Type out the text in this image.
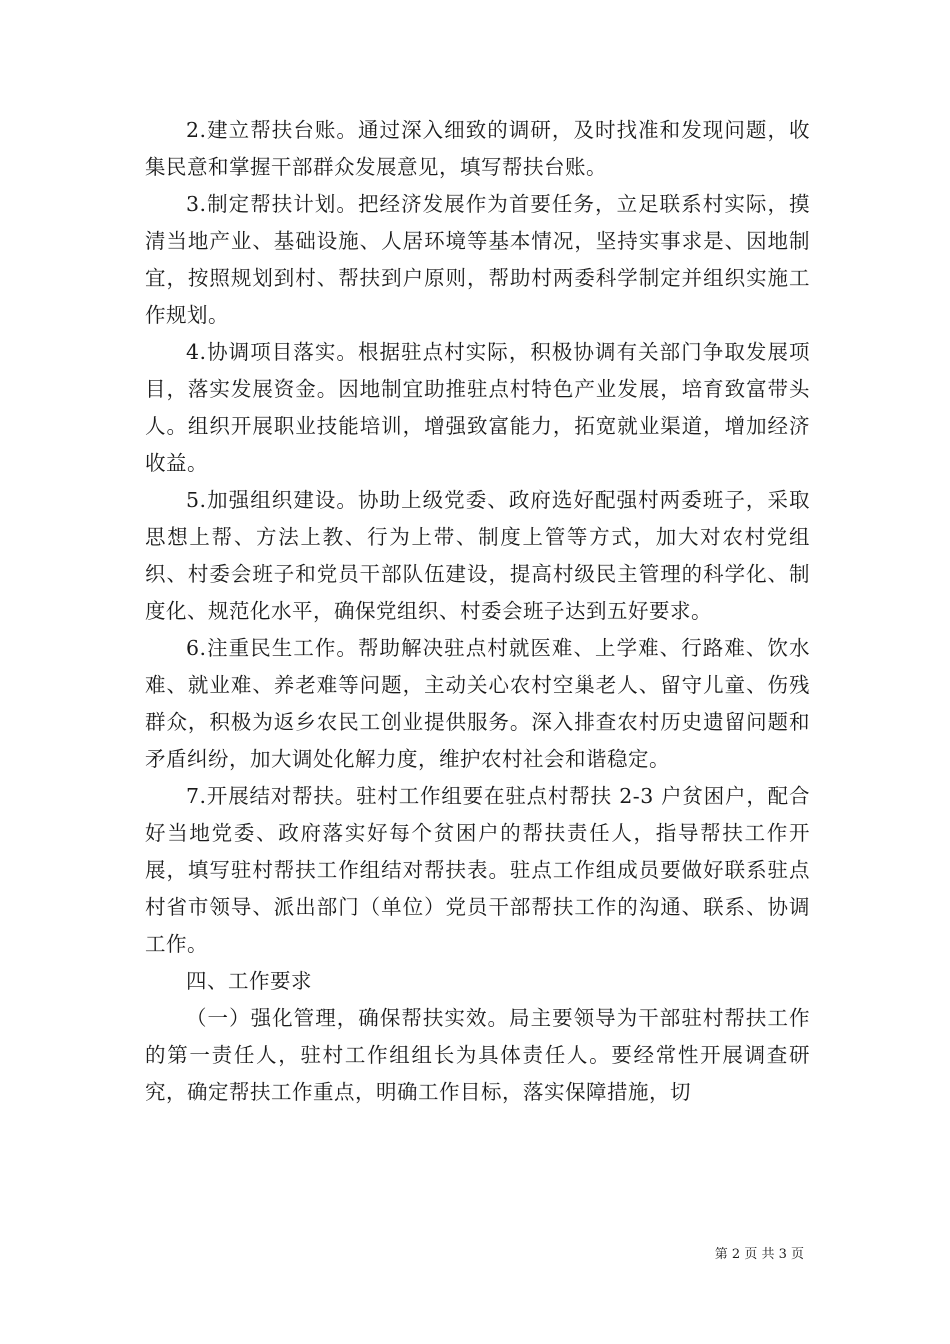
2.建立帮扶台账。通过深入细致的调研，及时找准和发现问题，收集民意和掌握干部群众发展意见，填写帮扶台账。

3.制定帮扶计划。把经济发展作为首要任务，立足联系村实际，摸清当地产业、基础设施、人居环境等基本情况，坚持实事求是、因地制宜，按照规划到村、帮扶到户原则，帮助村两委科学制定并组织实施工作规划。

4.协调项目落实。根据驻点村实际，积极协调有关部门争取发展项目，落实发展资金。因地制宜助推驻点村特色产业发展，培育致富带头人。组织开展职业技能培训，增强致富能力，拓宽就业渠道，增加经济收益。

5.加强组织建设。协助上级党委、政府选好配强村两委班子，采取思想上帮、方法上教、行为上带、制度上管等方式，加大对农村党组织、村委会班子和党员干部队伍建设，提高村级民主管理的科学化、制度化、规范化水平，确保党组织、村委会班子达到五好要求。

6.注重民生工作。帮助解决驻点村就医难、上学难、行路难、饮水难、就业难、养老难等问题，主动关心农村空巢老人、留守儿童、伤残群众，积极为返乡农民工创业提供服务。深入排查农村历史遗留问题和矛盾纠纷，加大调处化解力度，维护农村社会和谐稳定。

7.开展结对帮扶。驻村工作组要在驻点村帮扶 2-3 户贫困户，配合好当地党委、政府落实好每个贫困户的帮扶责任人，指导帮扶工作开展，填写驻村帮扶工作组结对帮扶表。驻点工作组成员要做好联系驻点村省市领导、派出部门（单位）党员干部帮扶工作的沟通、联系、协调工作。

四、工作要求

（一）强化管理，确保帮扶实效。局主要领导为干部驻村帮扶工作的第一责任人，驻村工作组组长为具体责任人。要经常性开展调查研究，确定帮扶工作重点，明确工作目标，落实保障措施，切

第 2 页 共 3 页
